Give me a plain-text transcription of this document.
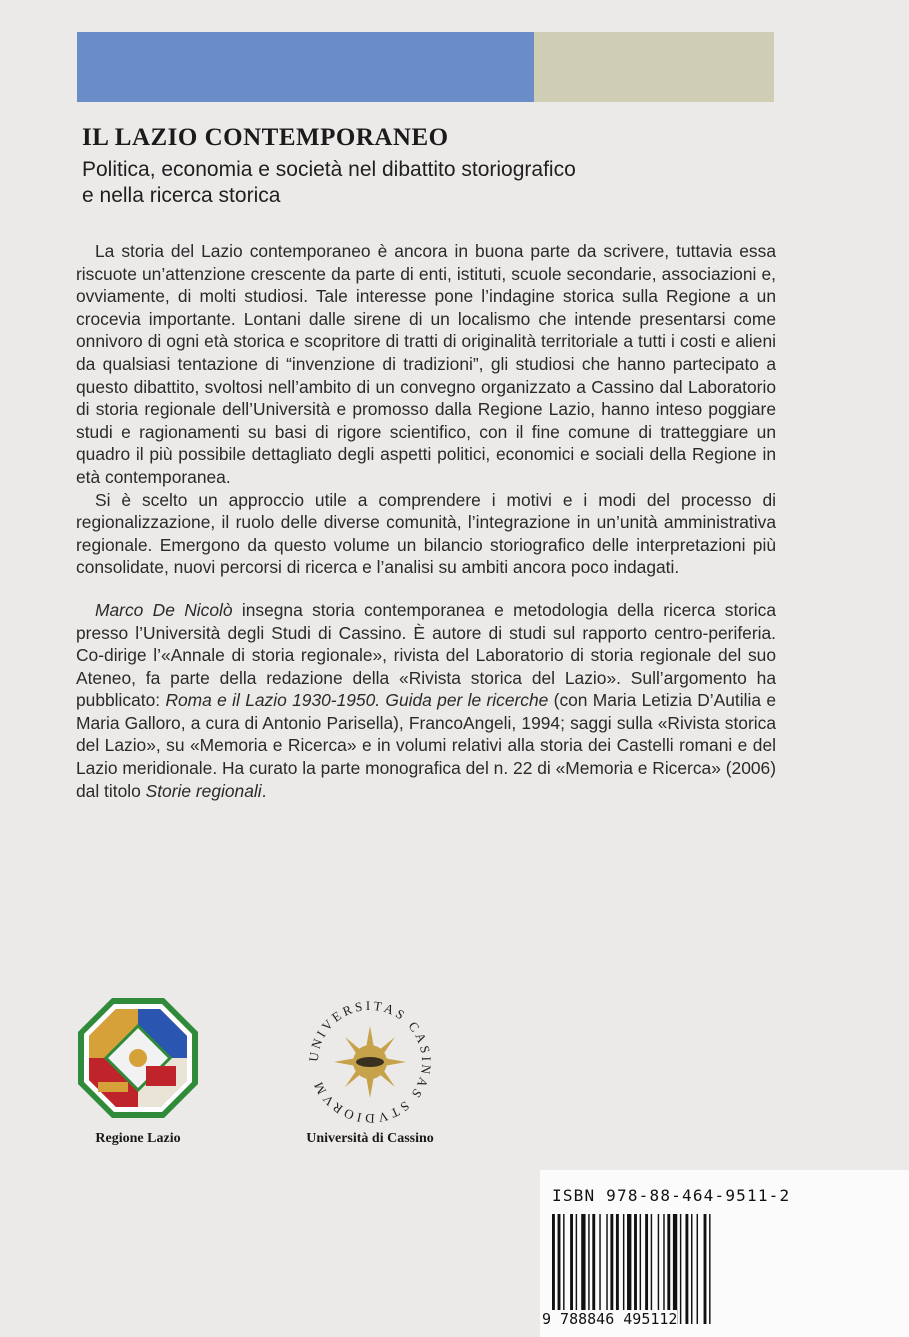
IL LAZIO CONTEMPORANEO
Politica, economia e società nel dibattito storiografico
e nella ricerca storica

La storia del Lazio contemporaneo è ancora in buona parte da scrivere, tuttavia essa riscuote un’attenzione crescente da parte di enti, istituti, scuole secondarie, associazioni e, ovviamente, di molti studiosi. Tale interesse pone l’indagine storica sulla Regione a un crocevia importante. Lontani dalle sirene di un localismo che intende presentarsi come onnivoro di ogni età storica e scopritore di tratti di originalità territoriale a tutti i costi e alieni da qualsiasi tentazione di “invenzione di tradizioni”, gli studiosi che hanno partecipato a questo dibattito, svoltosi nell’ambito di un convegno organizzato a Cassino dal Laboratorio di storia regionale dell’Università e promosso dalla Regione Lazio, hanno inteso poggiare studi e ragionamenti su basi di rigore scientifico, con il fine comune di tratteggiare un quadro il più possibile dettagliato degli aspetti politici, economici e sociali della Regione in età contemporanea.

Si è scelto un approccio utile a comprendere i motivi e i modi del processo di regionalizzazione, il ruolo delle diverse comunità, l’integrazione in un’unità amministrativa regionale. Emergono da questo volume un bilancio storiografico delle interpretazioni più consolidate, nuovi percorsi di ricerca e l’analisi su ambiti ancora poco indagati.

Marco De Nicolò insegna storia contemporanea e metodologia della ricerca storica presso l’Università degli Studi di Cassino. È autore di studi sul rapporto centro-periferia. Co-dirige l’«Annale di storia regionale», rivista del Laboratorio di storia regionale del suo Ateneo, fa parte della redazione della «Rivista storica del Lazio». Sull’argomento ha pubblicato: Roma e il Lazio 1930-1950. Guida per le ricerche (con Maria Letizia D’Autilia e Maria Galloro, a cura di Antonio Parisella), FrancoAngeli, 1994; saggi sulla «Rivista storica del Lazio», su «Memoria e Ricerca» e in volumi relativi alla storia dei Castelli romani e del Lazio meridionale. Ha curato la parte monografica del n. 22 di «Memoria e Ricerca» (2006) dal titolo Storie regionali.

Regione Lazio
UNIVERSITAS CASINAS STVDIORVM
Università di Cassino
ISBN 978-88-464-9511-2
9 788846 495112
